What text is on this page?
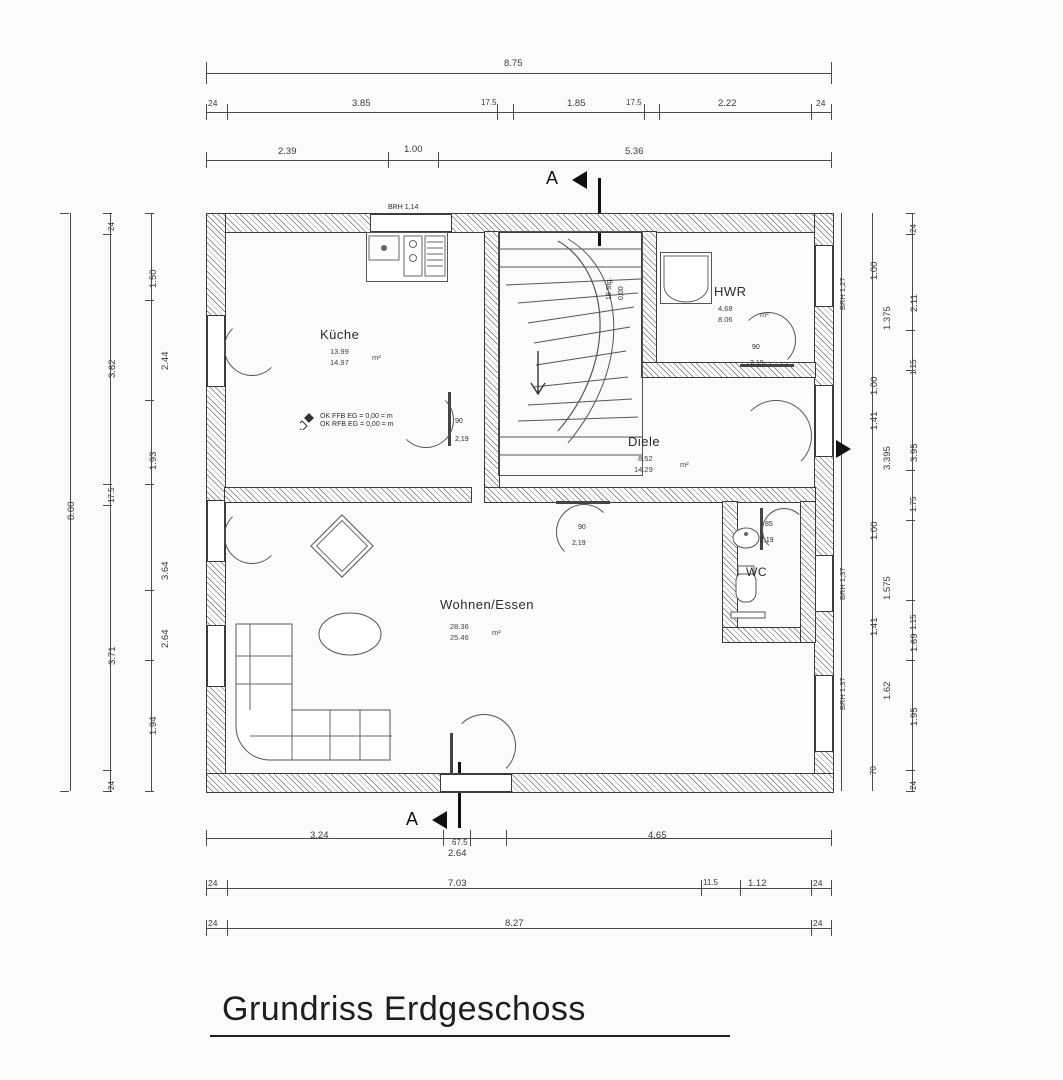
8.75
24	3.85	17.5	1.85	17.5	2.22	24
2.39	1.00	5.36
A
A
8.00
24
3.62
17.5
3.71
24
1.50
2.44
1.93
3.64
2.64
1.94
24
2.11
1.15
3.95
1.75
1.69
1.15
1.95
24
1.00
1.375
1.00
1.41
3.395
1.00
1.575
1.41
1.62
70
BRH 1,27
BRH 1,37
BRH 1,37
3.24
67.5
2.64
4.65
24	7.03	11.5	1.12	24
24	8.27	24
BRH 1,14
90
2,19
90
2,19
90
2,19
85
2,19
18 Stg. 0,00
OK FFB EG = 0,00 = m
OK RFB EG = 0,00 = m
Küche
13.99
14.97
m²
Diele
8.52
14.29
m²
HWR
4.68
8.06
m²
Wohnen/Essen
28.36
25.46
m²
WC
Grundriss Erdgeschoss
